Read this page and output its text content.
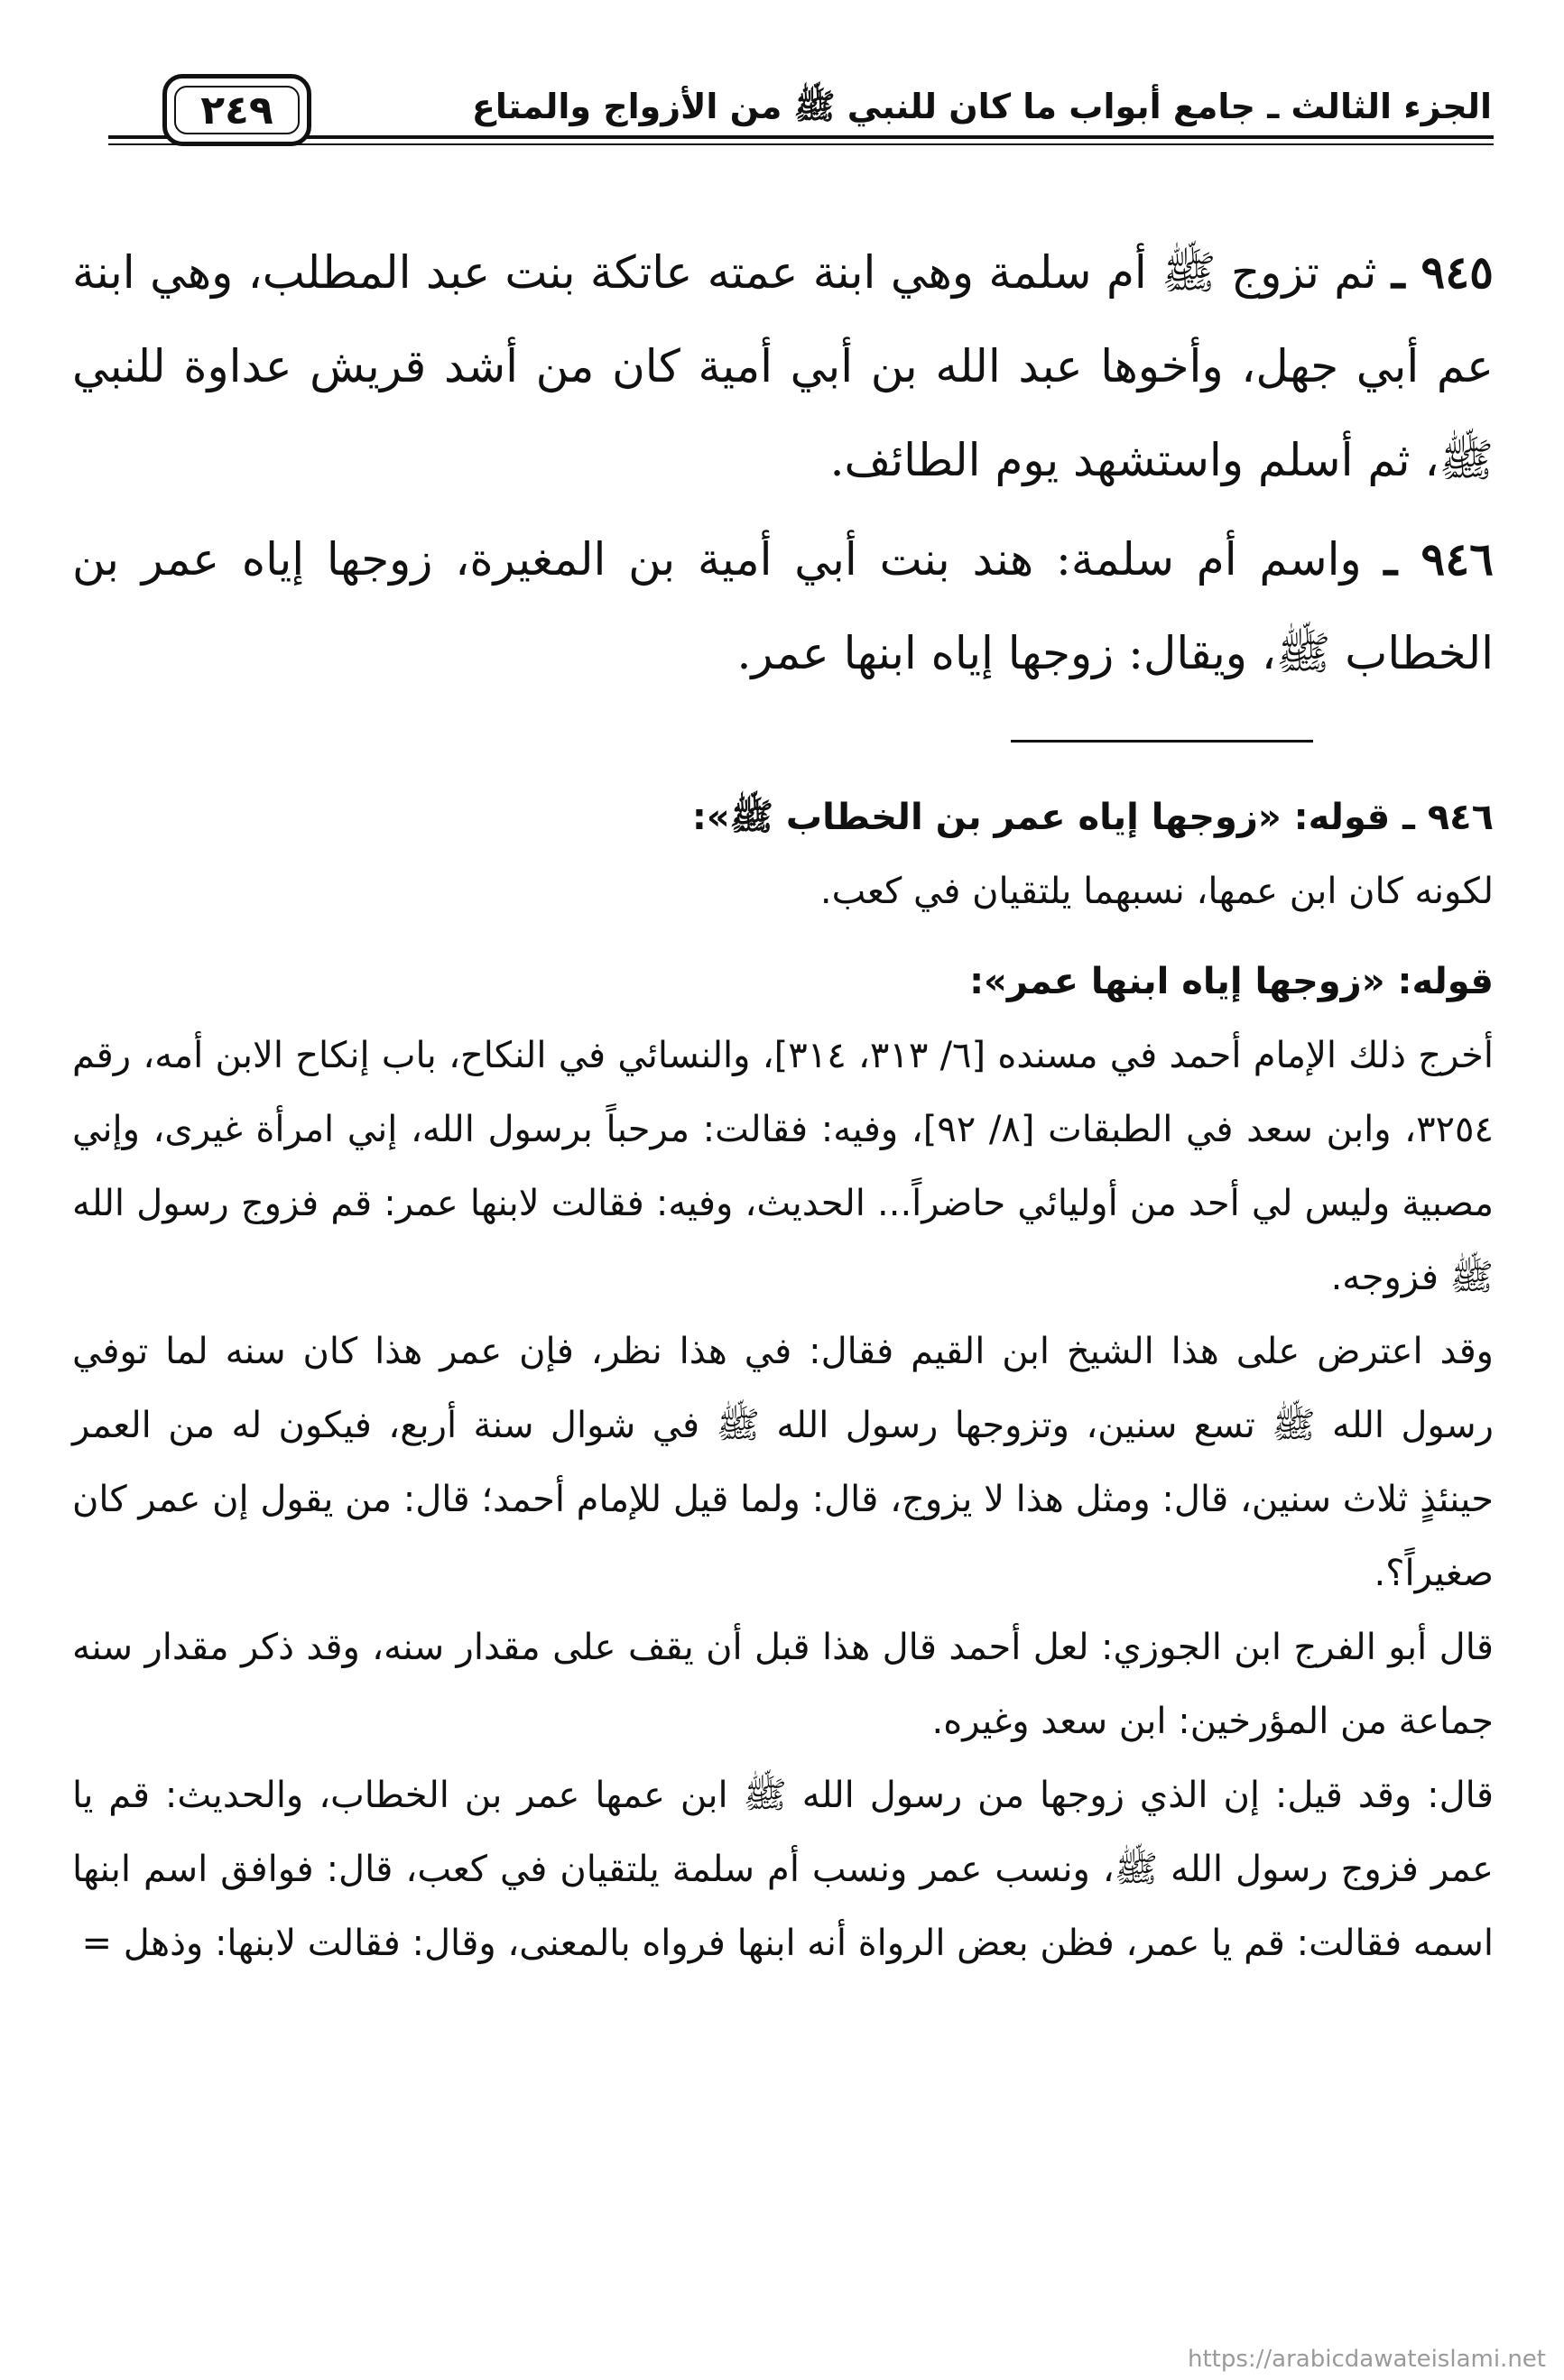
الجزء الثالث ـ جامع أبواب ما كان للنبي ﷺ من الأزواج والمتاع
٢٤٩

٩٤٥ ـ ثم تزوج ﷺ أم سلمة وهي ابنة عمته عاتكة بنت عبد المطلب، وهي ابنة عم أبي جهل، وأخوها عبد الله بن أبي أمية كان من أشد قريش عداوة للنبي ﷺ، ثم أسلم واستشهد يوم الطائف.

٩٤٦ ـ واسم أم سلمة: هند بنت أبي أمية بن المغيرة، زوجها إياه عمر بن الخطاب ﷺ، ويقال: زوجها إياه ابنها عمر.

٩٤٦ ـ قوله: «زوجها إياه عمر بن الخطاب ﷺ»:

لكونه كان ابن عمها، نسبهما يلتقيان في كعب.

قوله: «زوجها إياه ابنها عمر»:

أخرج ذلك الإمام أحمد في مسنده [٦/ ٣١٣، ٣١٤]، والنسائي في النكاح، باب إنكاح الابن أمه، رقم ٣٢٥٤، وابن سعد في الطبقات [٨/ ٩٢]، وفيه: فقالت: مرحباً برسول الله، إني امرأة غيرى، وإني مصبية وليس لي أحد من أوليائي حاضراً... الحديث، وفيه: فقالت لابنها عمر: قم فزوج رسول الله ﷺ فزوجه.

وقد اعترض على هذا الشيخ ابن القيم فقال: في هذا نظر، فإن عمر هذا كان سنه لما توفي رسول الله ﷺ تسع سنين، وتزوجها رسول الله ﷺ في شوال سنة أربع، فيكون له من العمر حينئذٍ ثلاث سنين، قال: ومثل هذا لا يزوج، قال: ولما قيل للإمام أحمد؛ قال: من يقول إن عمر كان صغيراً؟.

قال أبو الفرج ابن الجوزي: لعل أحمد قال هذا قبل أن يقف على مقدار سنه، وقد ذكر مقدار سنه جماعة من المؤرخين: ابن سعد وغيره.

قال: وقد قيل: إن الذي زوجها من رسول الله ﷺ ابن عمها عمر بن الخطاب، والحديث: قم يا عمر فزوج رسول الله ﷺ، ونسب عمر ونسب أم سلمة يلتقيان في كعب، قال: فوافق اسم ابنها اسمه فقالت: قم يا عمر، فظن بعض الرواة أنه ابنها فرواه بالمعنى، وقال: فقالت لابنها: وذهل =

https://arabicdawateislami.net
